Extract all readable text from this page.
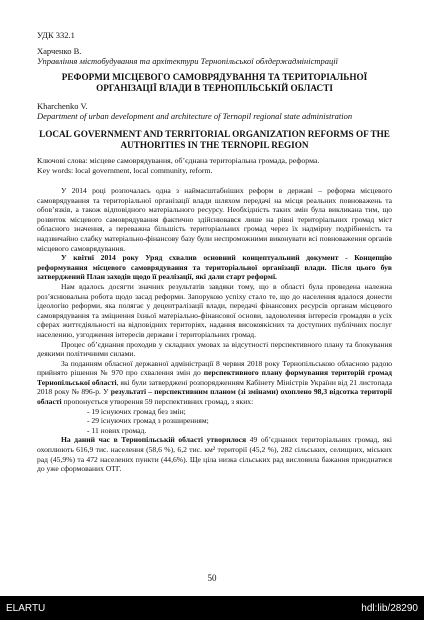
УДК 332.1
Харченко В.
Управління містобудування та архітектури Тернопільської облдержадміністрації
РЕФОРМИ МІСЦЕВОГО САМОВРЯДУВАННЯ ТА ТЕРИТОРІАЛЬНОЇ ОРГАНІЗАЦІЇ ВЛАДИ В ТЕРНОПІЛЬСЬКІЙ ОБЛАСТІ
Kharchenko V.
Department of urban development and architecture of Ternopil regional state administration
LOCAL GOVERNMENT AND TERRITORIAL ORGANIZATION REFORMS OF THE AUTHORITIES IN THE TERNOPIL REGION
Ключові слова: місцеве самоврядування, об’єднана територіальна громада, реформа.
Key words: local government, local community, reform.

У 2014 році розпочалась одна з наймасштабніших реформ в державі – реформа місцевого самоврядування та територіальної організації влади шляхом передачі на місця реальних повноважень та обов’язків, а також відповідного матеріального ресурсу. Необхідність таких змін була викликана тим, що розвиток місцевого самоврядування фактично здійснювався лише на рівні територіальних громад міст обласного значення, а переважна більшість територіальних громад через їх надмірну подрібненість та надзвичайно слабку матеріально-фінансову базу були неспроможними виконувати всі повноваження органів місцевого самоврядування.

У квітні 2014 року Уряд схвалив основний концептуальний документ - Концепцію реформування місцевого самоврядування та територіальної організації влади. Після цього був затверджений План заходів щодо її реалізації, які дали старт реформі.

Нам вдалось досягти значних результатів завдяки тому, що в області була проведена належна роз’яснювальна робота щодо засад реформи. Запорукою успіху стало те, що до населення вдалося донести ідеологію реформи, яка полягає у децентралізації влади, передачі фінансових ресурсів органам місцевого самоврядування та зміцнення їхньої матеріально-фінансової основи, задоволення інтересів громадян в усіх сферах життєдіяльності на відповідних територіях, надання високоякісних та доступних публічних послуг населенню, узгодження інтересів держави і територіальних громад.

Процес об’єднання проходив у складних умовах за відсутності перспективного плану та блокування деякими політичними силами.

За поданням обласної державної адміністрації 8 червня 2018 року Тернопільською обласною радою прийнято рішення № 970 про схвалення змін до перспективного плану формування територій громад Тернопільської області, які були затверджені розпорядженням Кабінету Міністрів України від 21 листопада 2018 року № 896-р. У результаті – перспективним планом (зі змінами) охоплено 98,3 відсотка території області пропонується утворення 59 перспективних громад, з яких:

- 19 існуючих громад без змін;
- 29 існуючих громад з розширенням;
- 11 нових громад.

На даний час в Тернопільській області утворилося 49 об’єднаних територіальних громад, які охоплюють 616,9 тис. населення (58,6 %), 6,2 тис. км² території (45,2 %), 282 сільських, селищних, міських рад (45,9%) та 472 населених пункти (44,6%). Ще ціла низка сільських рад висловила бажання приєднатися до уже сформованих ОТГ.

50
ELARTU	hdl:lib/28290
